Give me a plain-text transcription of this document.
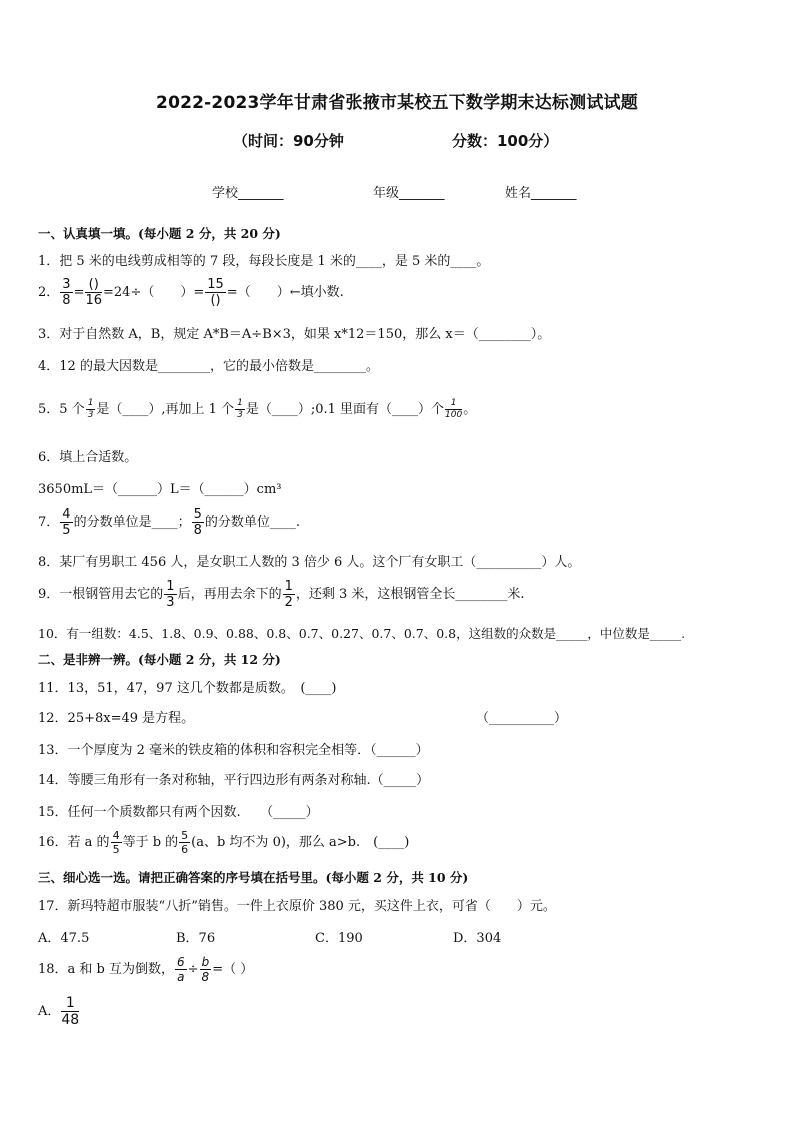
2022-2023学年甘肃省张掖市某校五下数学期末达标测试试题
（时间：90分钟	分数：100分）
学校_______	年级_______	姓名_______
一、认真填一填。(每小题 2 分，共 20 分)
1．把 5 米的电线剪成相等的 7 段，每段长度是 1 米的____，是 5 米的____。
2． $\frac{3}{8} = \frac{()}{16} =24\div$（　　）= $\frac{15}{()}$ =（　　）←填小数.
3．对于自然数 A，B，规定 A*B＝A÷B×3，如果 x*12＝150，那么 x＝（________）。
4．12 的最大因数是________，它的最小倍数是________。
5．5 个 $\frac{1}{3}$ 是（____）,再加上 1 个 $\frac{1}{3}$ 是（____）;0.1 里面有（____）个 $\frac{1}{100}$ 。
6．填上合适数。
3650mL＝（______）L＝（______）cm³
7． $\frac{4}{5}$ 的分数单位是____； $\frac{5}{8}$ 的分数单位____.
8．某厂有男职工 456 人，是女职工人数的 3 倍少 6 人。这个厂有女职工（__________）人。
9．一根钢管用去它的 $\frac{1}{3}$ 后，再用去余下的 $\frac{1}{2}$ ，还剩 3 米，这根钢管全长________米.
10．有一组数：4.5、1.8、0.9、0.88、0.8、0.7、0.27、0.7、0.7、0.8，这组数的众数是_____，中位数是_____.
二、是非辨一辨。(每小题 2 分，共 12 分)
11．13，51，47，97 这几个数都是质数。　(____)
12．25+8x=49 是方程。	（__________）
13．一个厚度为 2 毫米的铁皮箱的体积和容积完全相等．（______）
14．等腰三角形有一条对称轴，平行四边形有两条对称轴.（_____）
15．任何一个质数都只有两个因数.　　（_____）
16．若 a 的 $\frac{4}{5}$ 等于 b 的 $\frac{5}{6} (a$、b 均不为 0)，那么 a>b.　(____)
三、细心选一选。请把正确答案的序号填在括号里。(每小题 2 分，共 10 分)
17．新玛特超市服装“八折”销售。一件上衣原价 380 元，买这件上衣，可省（　　）元。
A．47.5	B．76	C．190	D．304
18．a 和 b 互为倒数， $\frac{6}{a} \div \frac{b}{8}$ =（ ）
A． $\frac{1}{48}$
